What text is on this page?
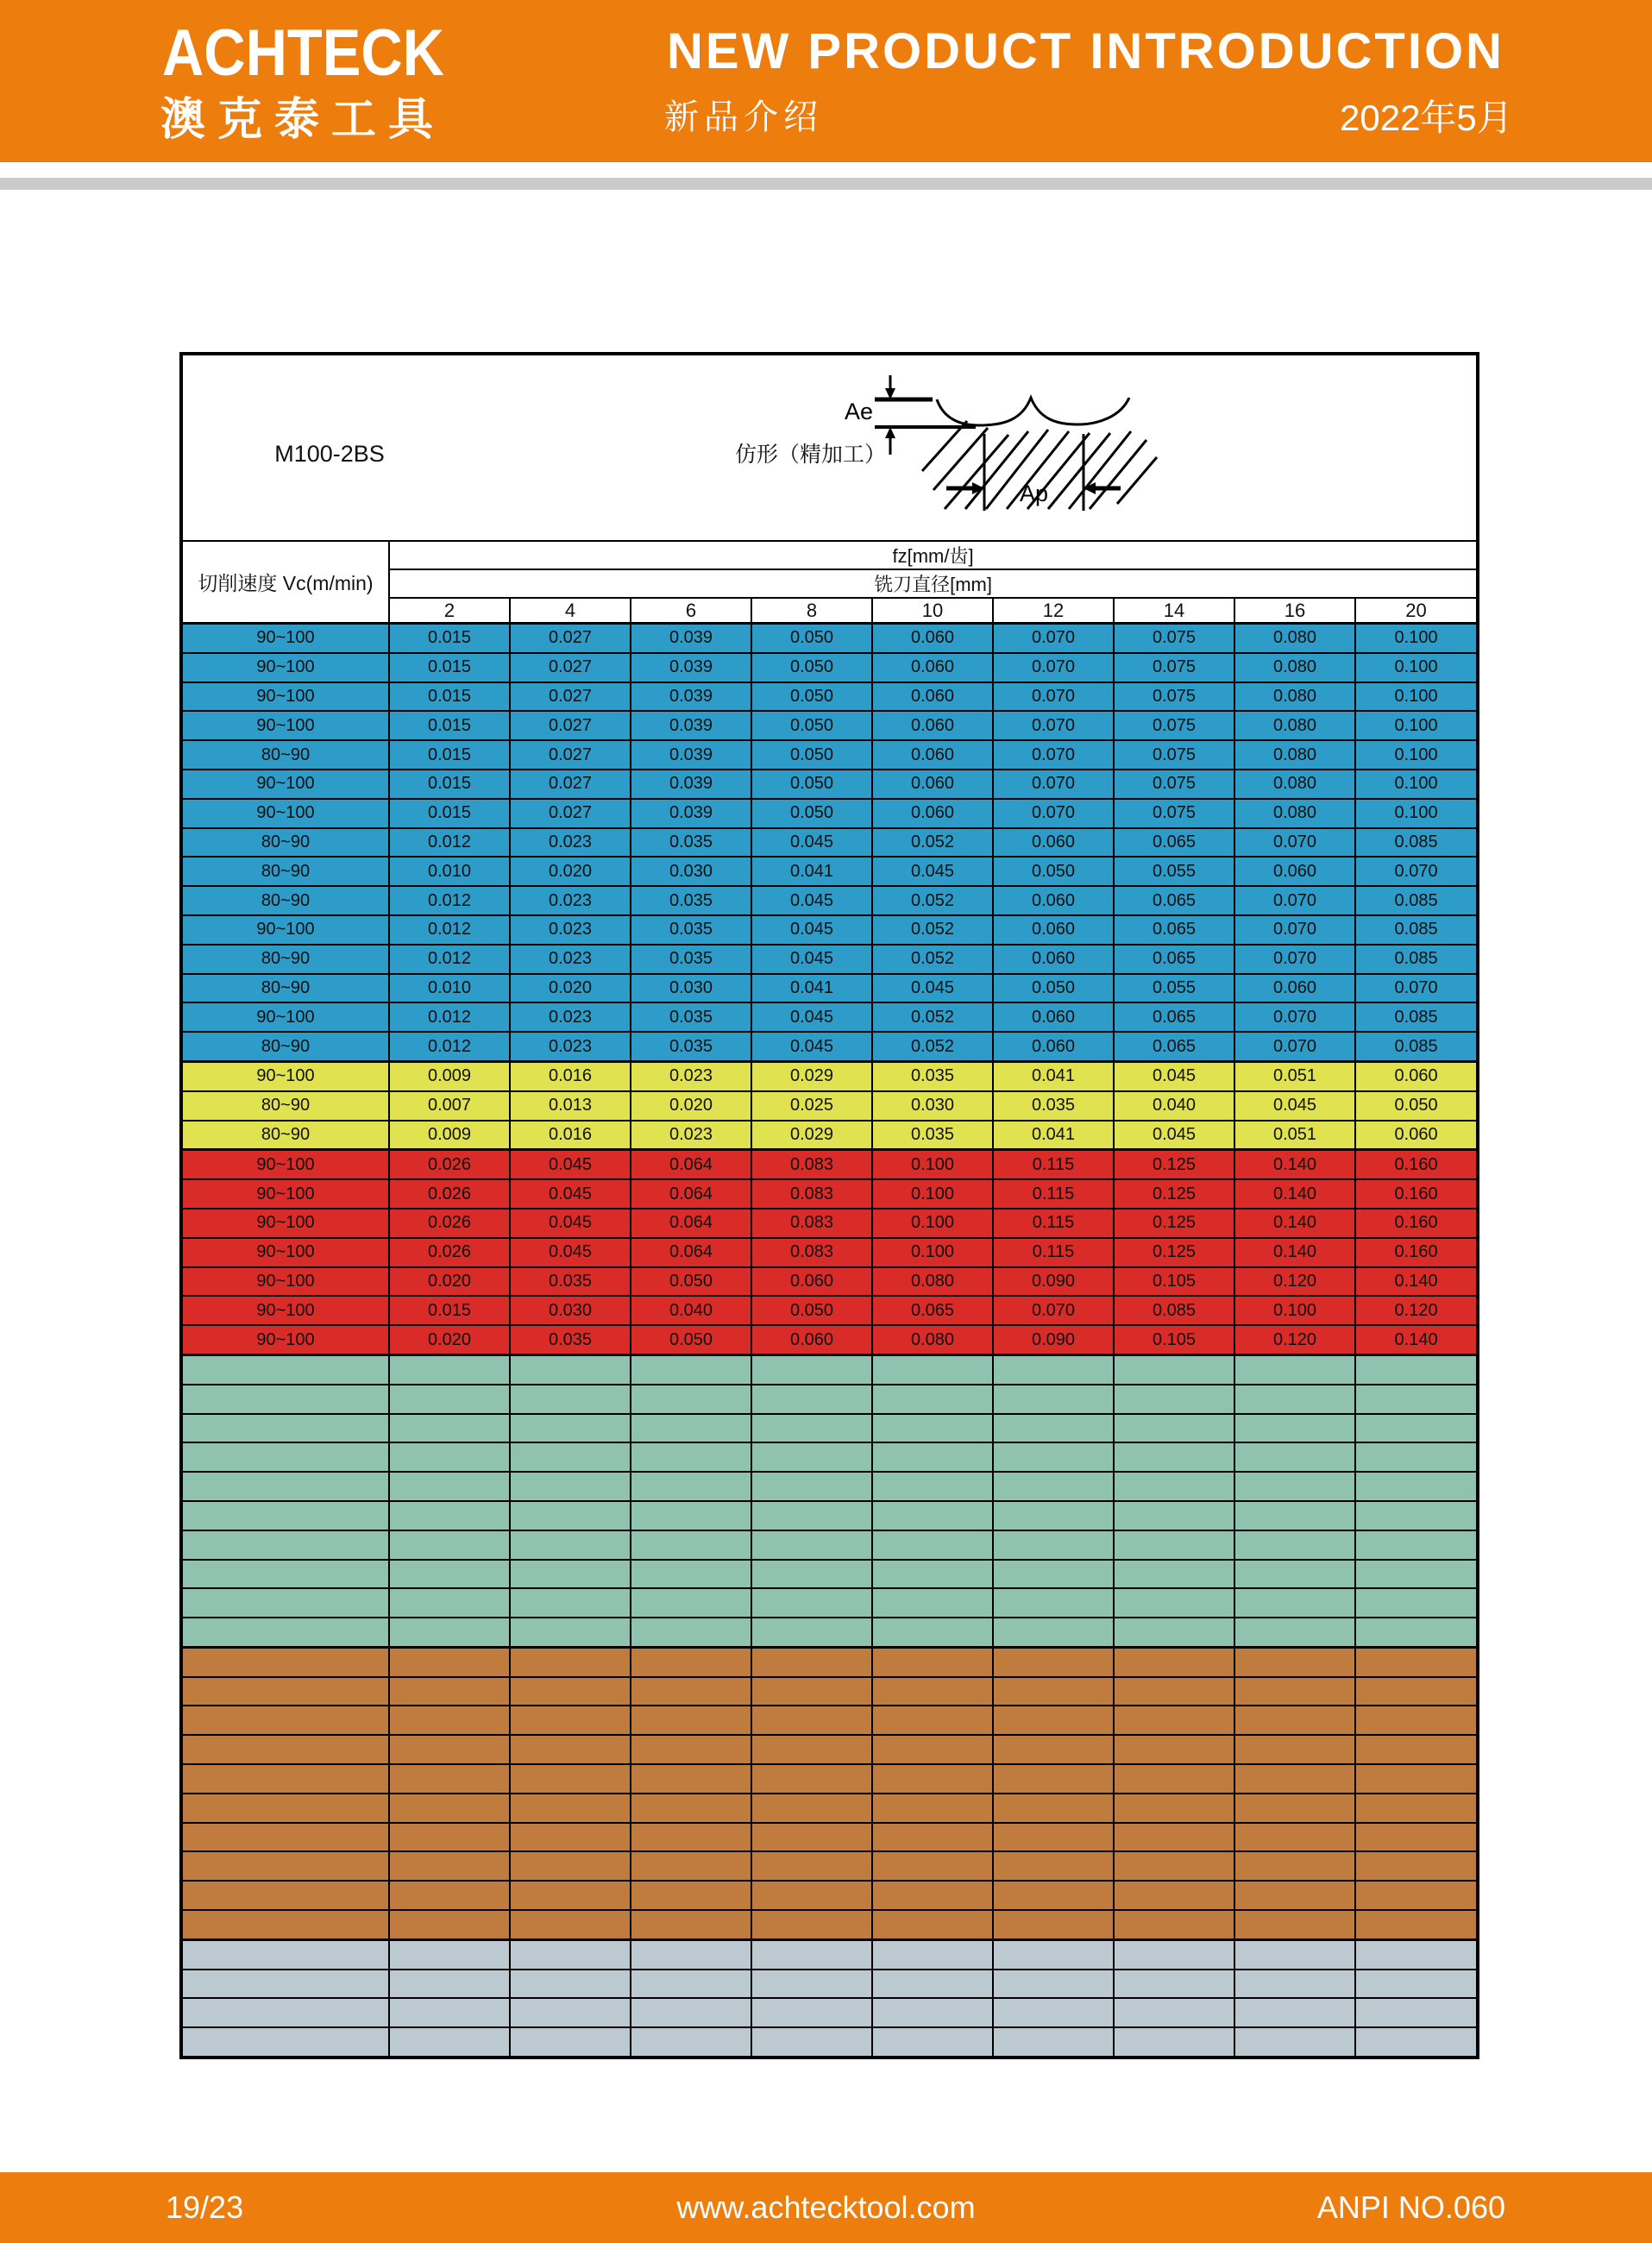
ACHTECK
澳克泰工具
NEW PRODUCT INTRODUCTION
新品介绍	2022年5月
M100-2BS 仿形（精加工）
Ae
Ap									

切削速度 Vc(m/min)	fz[mm/齿]								
	铣刀直径[mm]								
	2	4	6	8	10	12	14	16	20
90~100	0.015	0.027	0.039	0.050	0.060	0.070	0.075	0.080	0.100
90~100	0.015	0.027	0.039	0.050	0.060	0.070	0.075	0.080	0.100
90~100	0.015	0.027	0.039	0.050	0.060	0.070	0.075	0.080	0.100
90~100	0.015	0.027	0.039	0.050	0.060	0.070	0.075	0.080	0.100
80~90	0.015	0.027	0.039	0.050	0.060	0.070	0.075	0.080	0.100
90~100	0.015	0.027	0.039	0.050	0.060	0.070	0.075	0.080	0.100
90~100	0.015	0.027	0.039	0.050	0.060	0.070	0.075	0.080	0.100
80~90	0.012	0.023	0.035	0.045	0.052	0.060	0.065	0.070	0.085
80~90	0.010	0.020	0.030	0.041	0.045	0.050	0.055	0.060	0.070
80~90	0.012	0.023	0.035	0.045	0.052	0.060	0.065	0.070	0.085
90~100	0.012	0.023	0.035	0.045	0.052	0.060	0.065	0.070	0.085
80~90	0.012	0.023	0.035	0.045	0.052	0.060	0.065	0.070	0.085
80~90	0.010	0.020	0.030	0.041	0.045	0.050	0.055	0.060	0.070
90~100	0.012	0.023	0.035	0.045	0.052	0.060	0.065	0.070	0.085
80~90	0.012	0.023	0.035	0.045	0.052	0.060	0.065	0.070	0.085
90~100	0.009	0.016	0.023	0.029	0.035	0.041	0.045	0.051	0.060
80~90	0.007	0.013	0.020	0.025	0.030	0.035	0.040	0.045	0.050
80~90	0.009	0.016	0.023	0.029	0.035	0.041	0.045	0.051	0.060
90~100	0.026	0.045	0.064	0.083	0.100	0.115	0.125	0.140	0.160
90~100	0.026	0.045	0.064	0.083	0.100	0.115	0.125	0.140	0.160
90~100	0.026	0.045	0.064	0.083	0.100	0.115	0.125	0.140	0.160
90~100	0.026	0.045	0.064	0.083	0.100	0.115	0.125	0.140	0.160
90~100	0.020	0.035	0.050	0.060	0.080	0.090	0.105	0.120	0.140
90~100	0.015	0.030	0.040	0.050	0.065	0.070	0.085	0.100	0.120
90~100	0.020	0.035	0.050	0.060	0.080	0.090	0.105	0.120	0.140

19/23	www.achtecktool.com	ANPI NO.060
